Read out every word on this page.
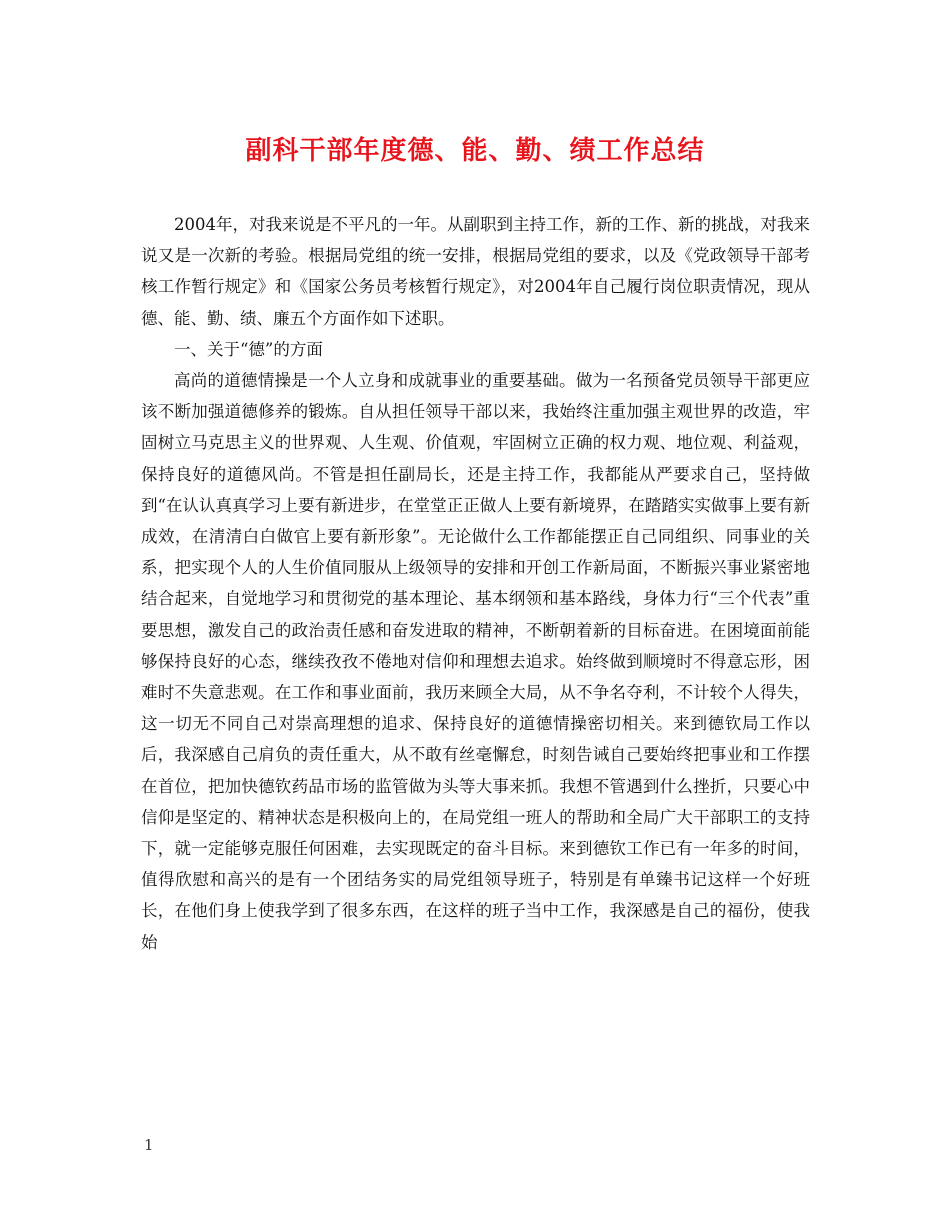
副科干部年度德、能、勤、绩工作总结

2004年，对我来说是不平凡的一年。从副职到主持工作，新的工作、新的挑战，对我来说又是一次新的考验。根据局党组的统一安排，根据局党组的要求，以及《党政领导干部考核工作暂行规定》和《国家公务员考核暂行规定》，对2004年自己履行岗位职责情况，现从德、能、勤、绩、廉五个方面作如下述职。

一、关于“德”的方面

高尚的道德情操是一个人立身和成就事业的重要基础。做为一名预备党员领导干部更应该不断加强道德修养的锻炼。自从担任领导干部以来，我始终注重加强主观世界的改造，牢固树立马克思主义的世界观、人生观、价值观，牢固树立正确的权力观、地位观、利益观，保持良好的道德风尚。不管是担任副局长，还是主持工作，我都能从严要求自己，坚持做到“在认认真真学习上要有新进步，在堂堂正正做人上要有新境界，在踏踏实实做事上要有新成效，在清清白白做官上要有新形象”。无论做什么工作都能摆正自己同组织、同事业的关系，把实现个人的人生价值同服从上级领导的安排和开创工作新局面，不断振兴事业紧密地结合起来，自觉地学习和贯彻党的基本理论、基本纲领和基本路线，身体力行“三个代表”重要思想，激发自己的政治责任感和奋发进取的精神，不断朝着新的目标奋进。在困境面前能够保持良好的心态，继续孜孜不倦地对信仰和理想去追求。始终做到顺境时不得意忘形，困难时不失意悲观。在工作和事业面前，我历来顾全大局，从不争名夺利，不计较个人得失，这一切无不同自己对崇高理想的追求、保持良好的道德情操密切相关。来到德钦局工作以后，我深感自己肩负的责任重大，从不敢有丝毫懈怠，时刻告诫自己要始终把事业和工作摆在首位，把加快德钦药品市场的监管做为头等大事来抓。我想不管遇到什么挫折，只要心中信仰是坚定的、精神状态是积极向上的，在局党组一班人的帮助和全局广大干部职工的支持下，就一定能够克服任何困难，去实现既定的奋斗目标。来到德钦工作已有一年多的时间，值得欣慰和高兴的是有一个团结务实的局党组领导班子，特别是有单臻书记这样一个好班长，在他们身上使我学到了很多东西，在这样的班子当中工作，我深感是自己的福份，使我始

1
